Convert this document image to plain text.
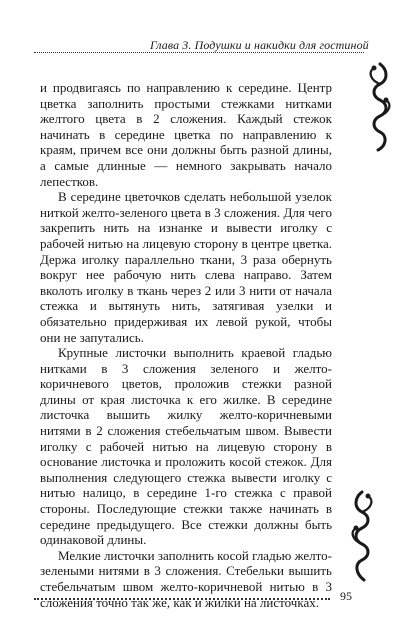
Глава 3. Подушки и накидки для гостиной

и продвигаясь по направлению к середине. Центр цветка заполнить простыми стежками нитками желтого цвета в 2 сложения. Каждый стежок начинать в середине цветка по направлению к краям, причем все они должны быть разной длины, а самые длинные — немного закрывать начало лепестков.

В середине цветочков сделать небольшой узелок ниткой желто-зеленого цвета в 3 сложения. Для чего закрепить нить на изнанке и вывести иголку с рабочей нитью на лицевую сторону в центре цветка. Держа иголку параллельно ткани, 3 раза обернуть вокруг нее рабочую нить слева направо. Затем вколоть иголку в ткань через 2 или 3 нити от начала стежка и вытянуть нить, затягивая узелки и обязательно придерживая их левой рукой, чтобы они не запутались.

Крупные листочки выполнить краевой гладью нитками в 3 сложения зеленого и желто-коричневого цветов, проложив стежки разной длины от края листочка к его жилке. В середине листочка вышить жилку желто-коричневыми нитями в 2 сложения стебельчатым швом. Вывести иголку с рабочей нитью на лицевую сторону в основание листочка и проложить косой стежок. Для выполнения следующего стежка вывести иголку с нитью налицо, в середине 1-го стежка с правой стороны. Последующие стежки также начинать в середине предыдущего. Все стежки должны быть одинаковой длины.

Мелкие листочки заполнить косой гладью желто-зелеными нитями в 3 сложения. Стебельки вышить стебельчатым швом желто-коричневой нитью в 3 сложения точно так же, как и жилки на листочках.	95
